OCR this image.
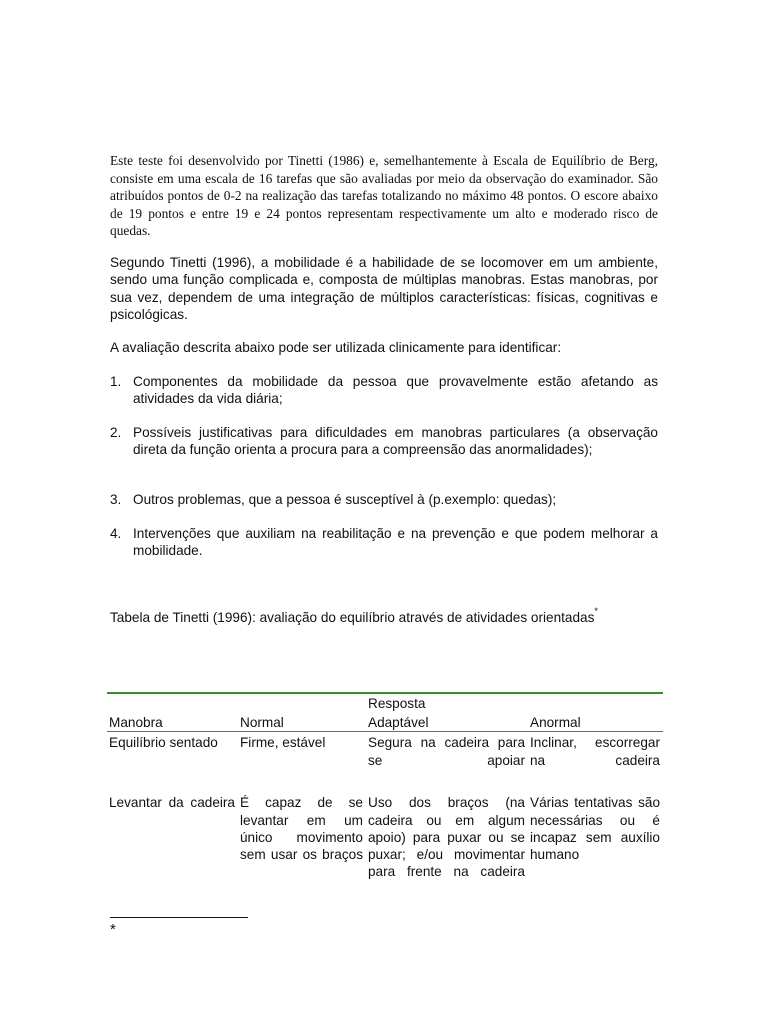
Este teste foi desenvolvido por Tinetti (1986) e, semelhantemente à Escala de Equilíbrio de Berg, consiste em uma escala de 16 tarefas que são avaliadas por meio da observação do examinador. São atribuídos pontos de 0-2 na realização das tarefas totalizando no máximo 48 pontos. O escore abaixo de 19 pontos e entre 19 e 24 pontos representam respectivamente um alto e moderado risco de quedas.
Segundo Tinetti (1996), a mobilidade é a habilidade de se locomover em um ambiente, sendo uma função complicada e, composta de múltiplas manobras. Estas manobras, por sua vez, dependem de uma integração de múltiplos características: físicas, cognitivas e psicológicas.
A avaliação descrita abaixo pode ser utilizada clinicamente para identificar:
1. Componentes da mobilidade da pessoa que provavelmente estão afetando as atividades da vida diária;
2. Possíveis justificativas para dificuldades em manobras particulares (a observação direta da função orienta a procura para a compreensão das anormalidades);
3. Outros problemas, que a pessoa é susceptível à (p.exemplo: quedas);
4. Intervenções que auxiliam na reabilitação e na prevenção e que podem melhorar a mobilidade.
Tabela de Tinetti (1996): avaliação do equilíbrio através de atividades orientadas*
		Resposta	
Manobra	Normal	Adaptável	Anormal
Equilíbrio sentado	Firme, estável	Segura na cadeira para se apoiar	Inclinar, escorregar na cadeira
Levantar da cadeira	É capaz de se levantar em um único movimento sem usar os braços	Uso dos braços (na cadeira ou em algum apoio) para puxar ou se puxar; e/ou movimentar para frente na cadeira	Várias tentativas são necessárias ou é incapaz sem auxílio humano
*
